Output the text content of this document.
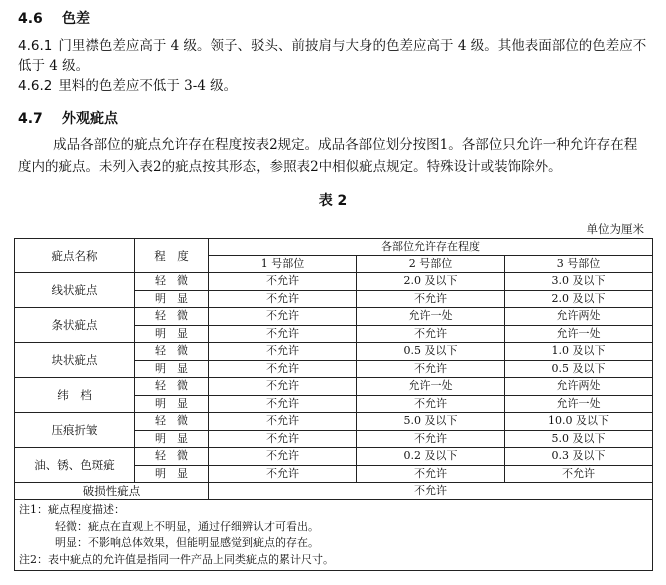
4.6 色差
4.6.1 门里襟色差应高于 4 级。领子、驳头、前披肩与大身的色差应高于 4 级。其他表面部位的色差应不低于 4 级。
4.6.2 里料的色差应不低于 3-4 级。
4.7 外观疵点
成品各部位的疵点允许存在程度按表2规定。成品各部位划分按图1。各部位只允许一种允许存在程度内的疵点。未列入表2的疵点按其形态，参照表2中相似疵点规定。特殊设计或装饰除外。
表 2
单位为厘米
疵点名称	程　度	各部位允许存在程度		
		1 号部位	2 号部位	3 号部位
线状疵点	轻　微	不允许	2.0 及以下	3.0 及以下
	明　显	不允许	不允许	2.0 及以下
条状疵点	轻　微	不允许	允许一处	允许两处
	明　显	不允许	不允许	允许一处
块状疵点	轻　微	不允许	0.5 及以下	1.0 及以下
	明　显	不允许	不允许	0.5 及以下
纬　档	轻　微	不允许	允许一处	允许两处
	明　显	不允许	不允许	允许一处
压痕折皱	轻　微	不允许	5.0 及以下	10.0 及以下
	明　显	不允许	不允许	5.0 及以下
油、锈、色斑疵	轻　微	不允许	0.2 及以下	0.3 及以下
	明　显	不允许	不允许	不允许
破损性疵点		不允许		

注1：疵点程度描述：
轻微：疵点在直观上不明显，通过仔细辨认才可看出。
明显：不影响总体效果，但能明显感觉到疵点的存在。
注2：表中疵点的允许值是指同一件产品上同类疵点的累计尺寸。				
